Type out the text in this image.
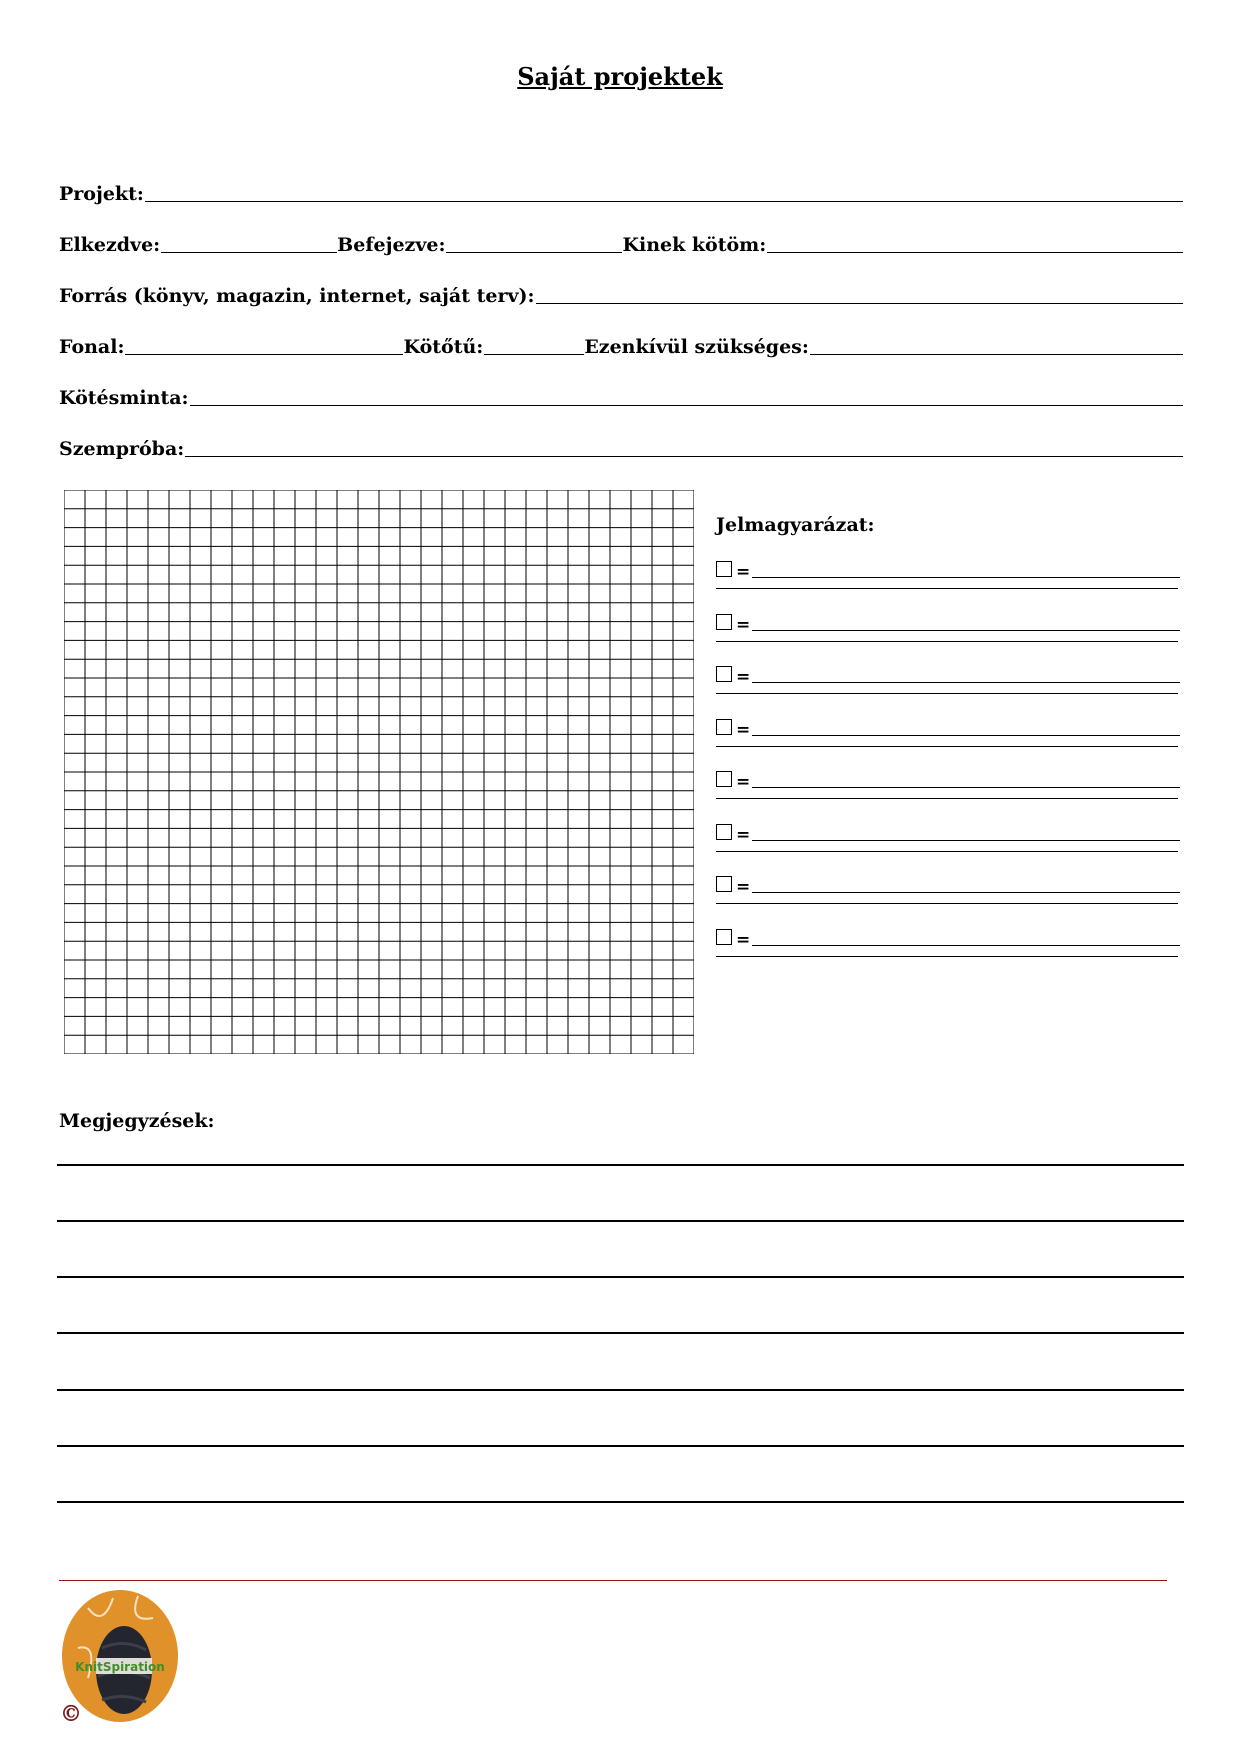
Saját projektek
Projekt:
Elkezdve:	Befejezve:	Kinek kötöm:
Forrás (könyv, magazin, internet, saját terv):
Fonal:	Kötőtű:	Ezenkívül szükséges:
Kötésminta:
Szempróba:
Jelmagyarázat:
=
=
=
=
=
=
=
=
Megjegyzések:
KnitSpiration
©
